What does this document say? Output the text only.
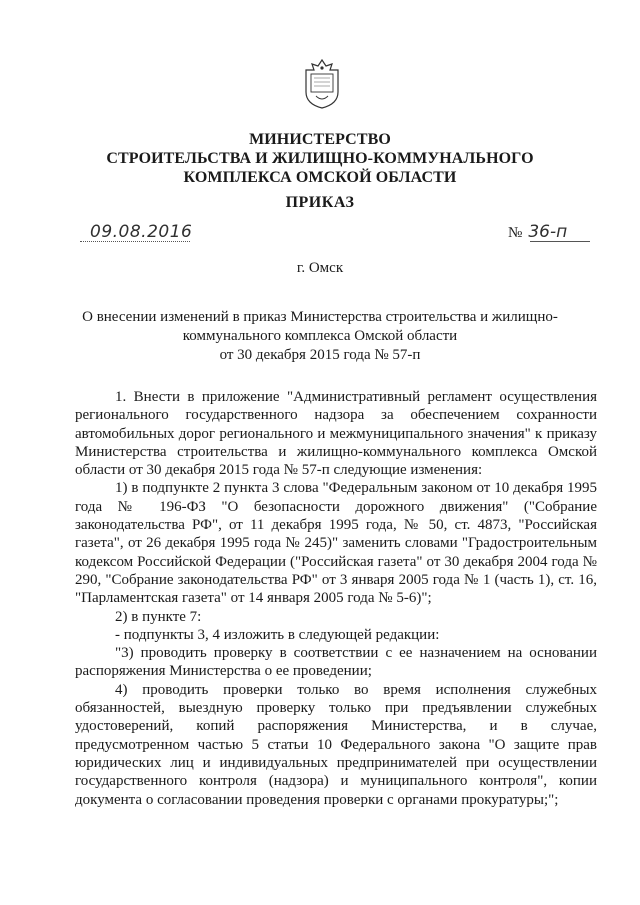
МИНИСТЕРСТВО
СТРОИТЕЛЬСТВА И ЖИЛИЩНО-КОММУНАЛЬНОГО
КОМПЛЕКСА ОМСКОЙ ОБЛАСТИ
ПРИКАЗ
09.08.2016	№ 36-п
г. Омск
О внесении изменений в приказ Министерства строительства и жилищно-
коммунального комплекса Омской области
от 30 декабря 2015 года № 57-п

1. Внести в приложение "Административный регламент осуществления регионального государственного надзора за обеспечением сохранности автомобильных дорог регионального и межмуниципального значения" к приказу Министерства строительства и жилищно-коммунального комплекса Омской области от 30 декабря 2015 года № 57-п следующие изменения:

1) в подпункте 2 пункта 3 слова "Федеральным законом от 10 декабря 1995 года № 196-ФЗ "О безопасности дорожного движения" ("Собрание законодательства РФ", от 11 декабря 1995 года, № 50, ст. 4873, "Российская газета", от 26 декабря 1995 года № 245)" заменить словами "Градостроительным кодексом Российской Федерации ("Российская газета" от 30 декабря 2004 года № 290, "Собрание законодательства РФ" от 3 января 2005 года № 1 (часть 1), ст. 16, "Парламентская газета" от 14 января 2005 года № 5-6)";

2) в пункте 7:

- подпункты 3, 4 изложить в следующей редакции:

"3) проводить проверку в соответствии с ее назначением на основании распоряжения Министерства о ее проведении;

4) проводить проверки только во время исполнения служебных обязанностей, выездную проверку только при предъявлении служебных удостоверений, копий распоряжения Министерства, и в случае, предусмотренном частью 5 статьи 10 Федерального закона "О защите прав юридических лиц и индивидуальных предпринимателей при осуществлении государственного контроля (надзора) и муниципального контроля", копии документа о согласовании проведения проверки с органами прокуратуры;";
